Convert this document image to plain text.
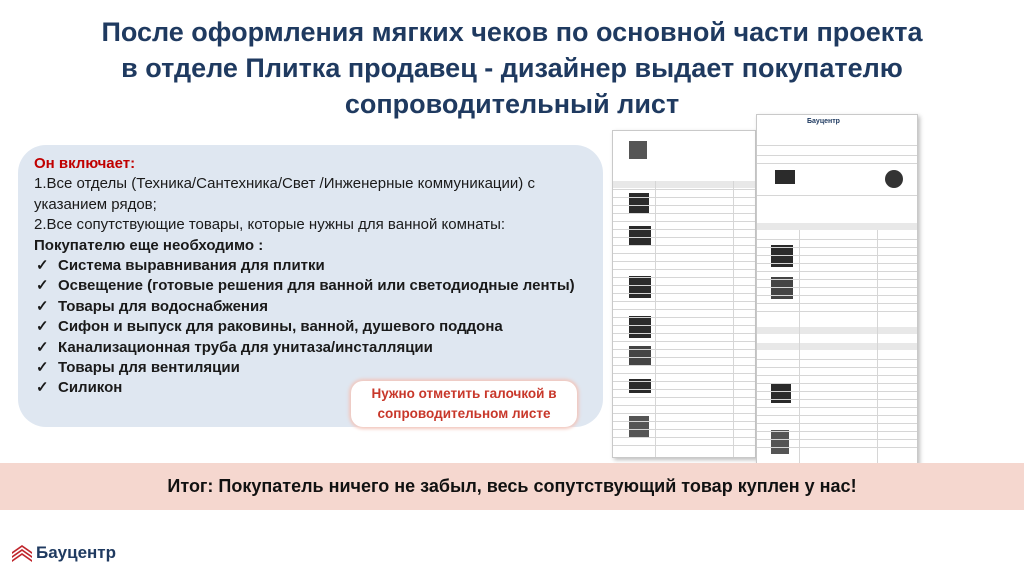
После оформления мягких чеков по основной части проекта
в отделе Плитка продавец - дизайнер выдает покупателю
сопроводительный лист
Он включает:
1.Все отделы (Техника/Сантехника/Свет /Инженерные коммуникации) с указанием рядов;
2.Все сопутствующие товары, которые нужны для ванной комнаты:
Покупателю еще необходимо :
✓ Система выравнивания для плитки
✓ Освещение (готовые решения для ванной или светодиодные ленты)
✓ Товары для водоснабжения
✓ Сифон и выпуск для раковины, ванной, душевого поддона
✓ Канализационная труба для унитаза/инсталляции
✓ Товары для вентиляции
✓ Силикон	Нужно отметить галочкой в
сопроводительном листе
Бауцентр
Итог: Покупатель ничего не забыл, весь сопутствующий товар куплен у нас!
Бауцентр
